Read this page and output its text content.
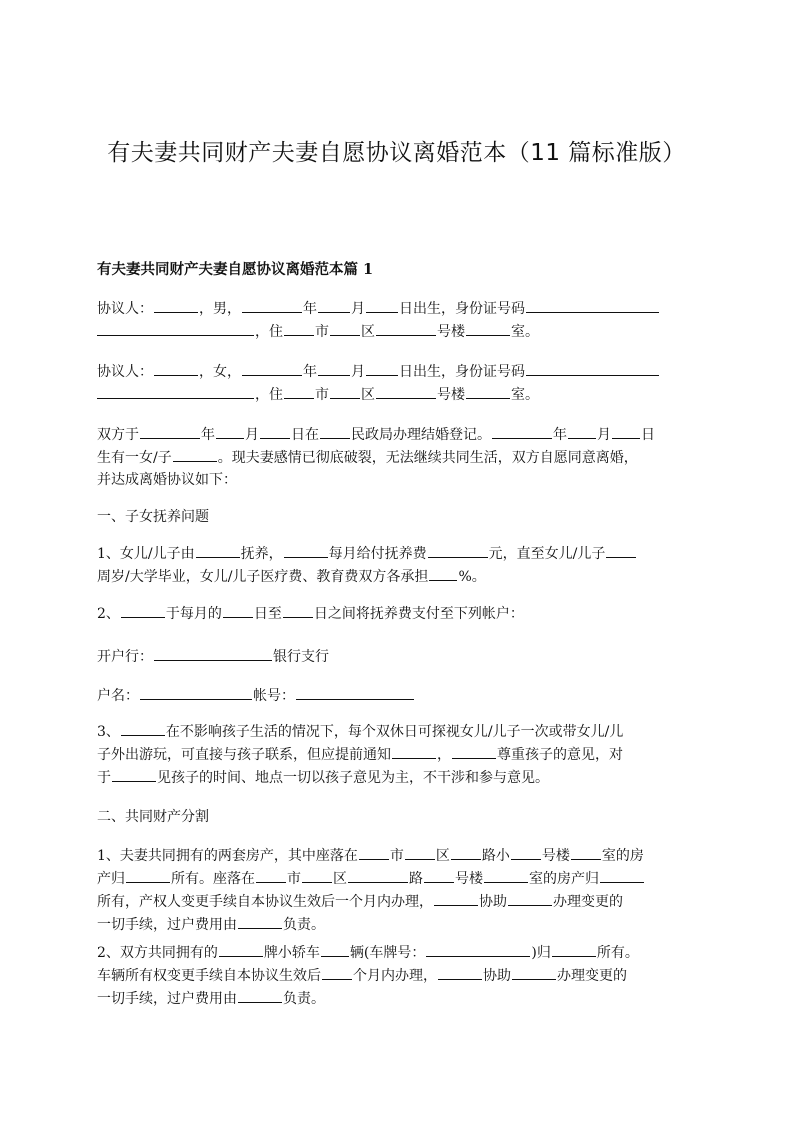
有夫妻共同财产夫妻自愿协议离婚范本（11 篇标准版）
有夫妻共同财产夫妻自愿协议离婚范本篇 1
协议人：	，男，	年 月 日出生，身份证号码
，住 市 区	号楼	室。
协议人：	，女，	年 月 日出生，身份证号码
，住 市 区	号楼	室。
双方于	年 月 日在 民政局办理结婚登记。	年 月 日
生有一女/子	。现夫妻感情已彻底破裂，无法继续共同生活，双方自愿同意离婚，
并达成离婚协议如下：
一、子女抚养问题
1、女儿/儿子由	抚养，	每月给付抚养费	元，直至女儿/儿子
周岁/大学毕业，女儿/儿子医疗费、教育费双方各承担 %。
2、	于每月的 日至 日之间将抚养费支付至下列帐户：
开户行：	银行支行
户名：	帐号：
3、	在不影响孩子生活的情况下，每个双休日可探视女儿/儿子一次或带女儿/儿
子外出游玩，可直接与孩子联系，但应提前通知	，	尊重孩子的意见，对
于	见孩子的时间、地点一切以孩子意见为主，不干涉和参与意见。
二、共同财产分割
1、夫妻共同拥有的两套房产，其中座落在 市 区 路小 号楼 室的房
产归	所有。座落在 市 区	路 号楼	室的房产归
所有，产权人变更手续自本协议生效后一个月内办理，	协助	办理变更的
一切手续，过户费用由	负责。
2、双方共同拥有的	牌小轿车 辆(车牌号：	)归	所有。
车辆所有权变更手续自本协议生效后 个月内办理，	协助	办理变更的
一切手续，过户费用由	负责。
